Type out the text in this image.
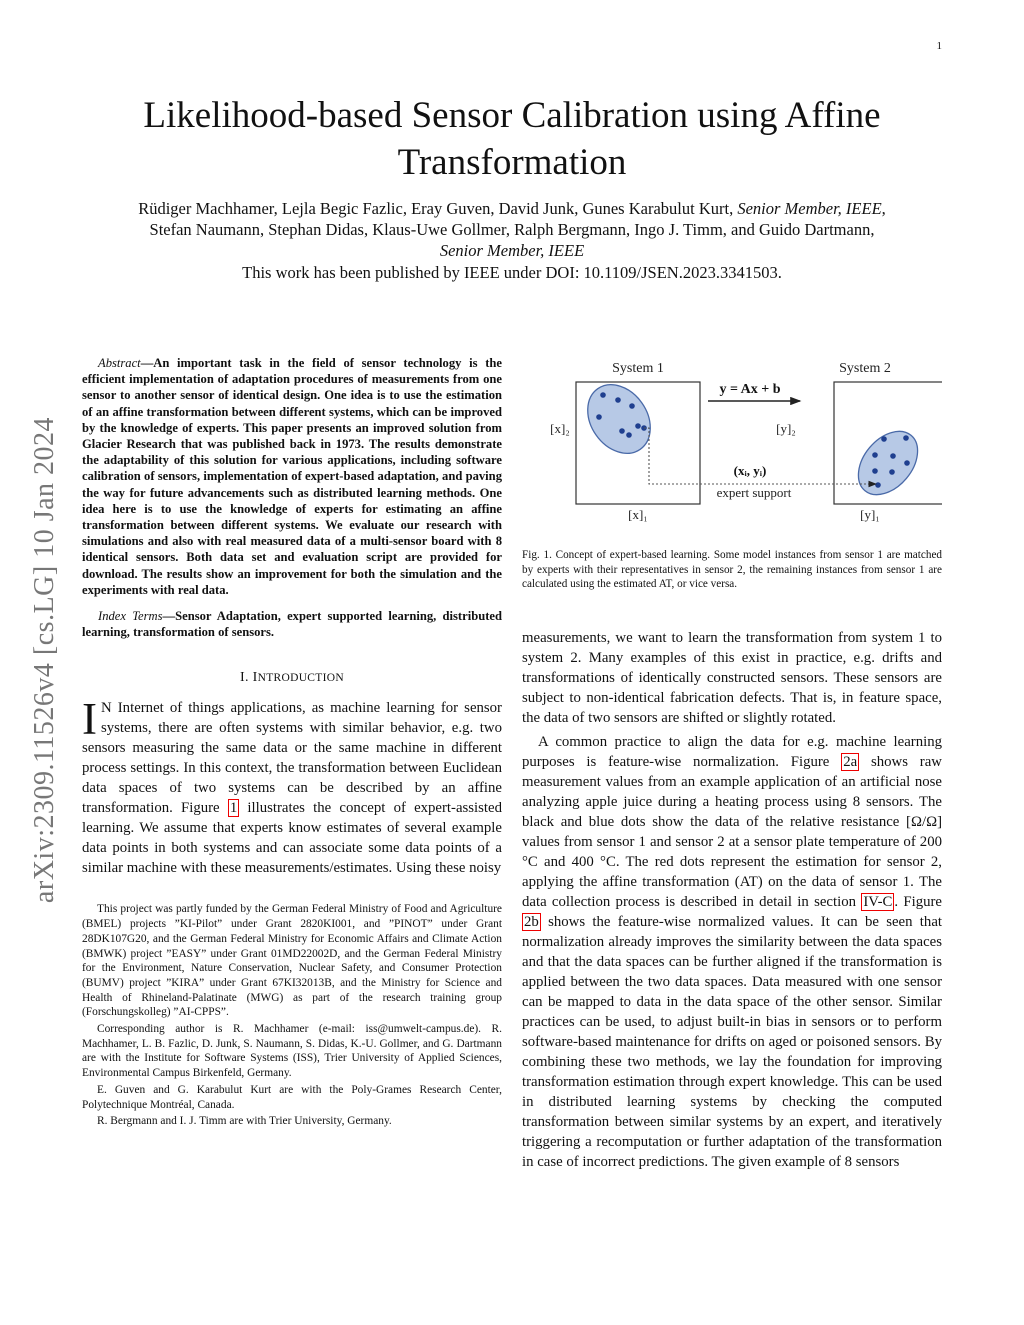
1
Likelihood-based Sensor Calibration using Affine Transformation
Rüdiger Machhamer, Lejla Begic Fazlic, Eray Guven, David Junk, Gunes Karabulut Kurt, Senior Member, IEEE,
Stefan Naumann, Stephan Didas, Klaus-Uwe Gollmer, Ralph Bergmann, Ingo J. Timm, and Guido Dartmann,
Senior Member, IEEE
This work has been published by IEEE under DOI: 10.1109/JSEN.2023.3341503.
arXiv:2309.11526v4 [cs.LG] 10 Jan 2024

Abstract—An important task in the field of sensor technology is the efficient implementation of adaptation procedures of measurements from one sensor to another sensor of identical design. One idea is to use the estimation of an affine transformation between different systems, which can be improved by the knowledge of experts. This paper presents an improved solution from Glacier Research that was published back in 1973. The results demonstrate the adaptability of this solution for various applications, including software calibration of sensors, implementation of expert-based adaptation, and paving the way for future advancements such as distributed learning methods. One idea here is to use the knowledge of experts for estimating an affine transformation between different systems. We evaluate our research with simulations and also with real measured data of a multi-sensor board with 8 identical sensors. Both data set and evaluation script are provided for download. The results show an improvement for both the simulation and the experiments with real data.

Index Terms—Sensor Adaptation, expert supported learning, distributed learning, transformation of sensors.

I. INTRODUCTION

I N Internet of things applications, as machine learning for sensor systems, there are often systems with similar behavior, e.g. two sensors measuring the same data or the same machine in different process settings. In this context, the transformation between Euclidean data spaces of two systems can be described by an affine transformation. Figure 1 illustrates the concept of expert-assisted learning. We assume that experts know estimates of several example data points in both systems and can associate some data points of a similar machine with these measurements/estimates. Using these noisy

This project was partly funded by the German Federal Ministry of Food and Agriculture (BMEL) projects ”KI-Pilot” under Grant 2820KI001, and ”PINOT” under Grant 28DK107G20, and the German Federal Ministry for Economic Affairs and Climate Action (BMWK) project ”EASY” under Grant 01MD22002D, and the German Federal Ministry for the Environment, Nature Conservation, Nuclear Safety, and Consumer Protection (BUMV) project ”KIRA” under Grant 67KI32013B, and the Ministry for Science and Health of Rhineland-Palatinate (MWG) as part of the research training group (Forschungskolleg) ”AI-CPPS”.

Corresponding author is R. Machhamer (e-mail: iss@umwelt-campus.de). R. Machhamer, L. B. Fazlic, D. Junk, S. Naumann, S. Didas, K.-U. Gollmer, and G. Dartmann are with the Institute for Software Systems (ISS), Trier University of Applied Sciences, Environmental Campus Birkenfeld, Germany.

E. Guven and G. Karabulut Kurt are with the Poly-Grames Research Center, Polytechnique Montréal, Canada.

R. Bergmann and I. J. Timm are with Trier University, Germany.

System 1	System 2
y = Ax + b
[x]₂
[x]₁
[y]₂
[y]₁
(xᵢ, yᵢ)
expert support
Fig. 1. Concept of expert-based learning. Some model instances from sensor 1 are matched by experts with their representatives in sensor 2, the remaining instances from sensor 1 are calculated using the estimated AT, or vice versa.

measurements, we want to learn the transformation from system 1 to system 2. Many examples of this exist in practice, e.g. drifts and transformations of identically constructed sensors. These sensors are subject to non-identical fabrication defects. That is, in feature space, the data of two sensors are shifted or slightly rotated.

A common practice to align the data for e.g. machine learning purposes is feature-wise normalization. Figure 2a shows raw measurement values from an example application of an artificial nose analyzing apple juice during a heating process using 8 sensors. The black and blue dots show the data of the relative resistance [Ω/Ω] values from sensor 1 and sensor 2 at a sensor plate temperature of 200 °C and 400 °C. The red dots represent the estimation for sensor 2, applying the affine transformation (AT) on the data of sensor 1. The data collection process is described in detail in section IV-C . Figure 2b shows the feature-wise normalized values. It can be seen that normalization already improves the similarity between the data spaces and that the data spaces can be further aligned if the transformation is applied between the two data spaces. Data measured with one sensor can be mapped to data in the data space of the other sensor. Similar practices can be used, to adjust built-in bias in sensors or to perform software-based maintenance for drifts on aged or poisoned sensors. By combining these two methods, we lay the foundation for improving transformation estimation through expert knowledge. This can be used in distributed learning systems by checking the computed transformation between similar systems by an expert, and iteratively triggering a recomputation or further adaptation of the transformation in case of incorrect predictions. The given example of 8 sensors
